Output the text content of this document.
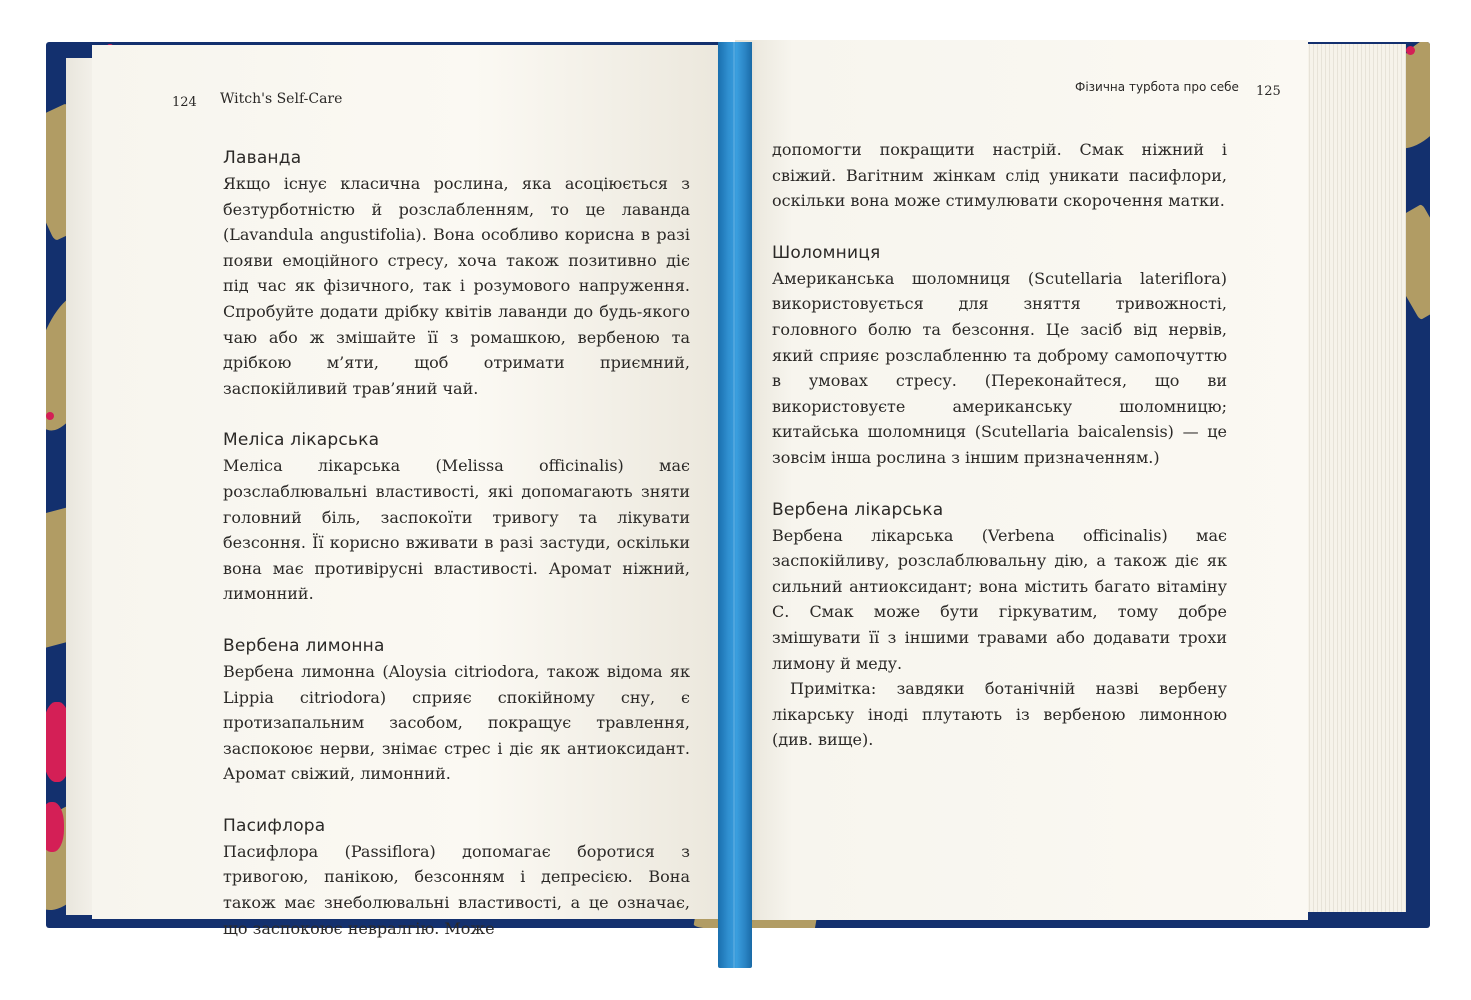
124 Witch's Self-Care
Лаванда

Якщо існує класична рослина, яка асоціюється з безтурботністю й розслабленням, то це лаванда (Lavandula angustifolia). Вона особливо корисна в разі появи емоційного стресу, хоча також позитивно діє під час як фізичного, так і розумового напруження. Спробуйте додати дрібку квітів лаванди до будь-якого чаю або ж змішайте її з ромашкою, вербеною та дрібкою м’яти, щоб отримати приємний, заспокійливий трав’яний чай.

Меліса лікарська

Меліса лікарська (Melissa officinalis) має розслаблювальні властивості, які допомагають зняти головний біль, заспокоїти тривогу та лікувати безсоння. Її корисно вживати в разі застуди, оскільки вона має противірусні властивості. Аромат ніжний, лимонний.

Вербена лимонна

Вербена лимонна (Aloysia citriodora, також відома як Lippia citriodora) сприяє спокійному сну, є протизапальним засобом, покращує травлення, заспокоює нерви, знімає стрес і діє як антиоксидант. Аромат свіжий, лимонний.

Пасифлора

Пасифлора (Passiflora) допомагає боротися з тривогою, панікою, безсонням і депресією. Вона також має знеболювальні властивості, а це означає, що заспокоює невралгію. Може

Фізична турбота про себе 125

допомогти покращити настрій. Смак ніжний і свіжий. Вагітним жінкам слід уникати пасифлори, оскільки вона може стимулювати скорочення матки.

Шоломниця

Американська шоломниця (Scutellaria lateriflora) використовується для зняття тривожності, головного болю та безсоння. Це засіб від нервів, який сприяє розслабленню та доброму самопочуттю в умовах стресу. (Переконайтеся, що ви використовуєте американську шоломницю; китайська шоломниця (Scutellaria baicalensis) — це зовсім інша рослина з іншим призначенням.)

Вербена лікарська

Вербена лікарська (Verbena officinalis) має заспокійливу, розслаблювальну дію, а також діє як сильний антиоксидант; вона містить багато вітаміну С. Смак може бути гіркуватим, тому добре змішувати її з іншими травами або додавати трохи лимону й меду.

Примітка: завдяки ботанічній назві вербену лікарську іноді плутають із вербеною лимонною (див. вище).
